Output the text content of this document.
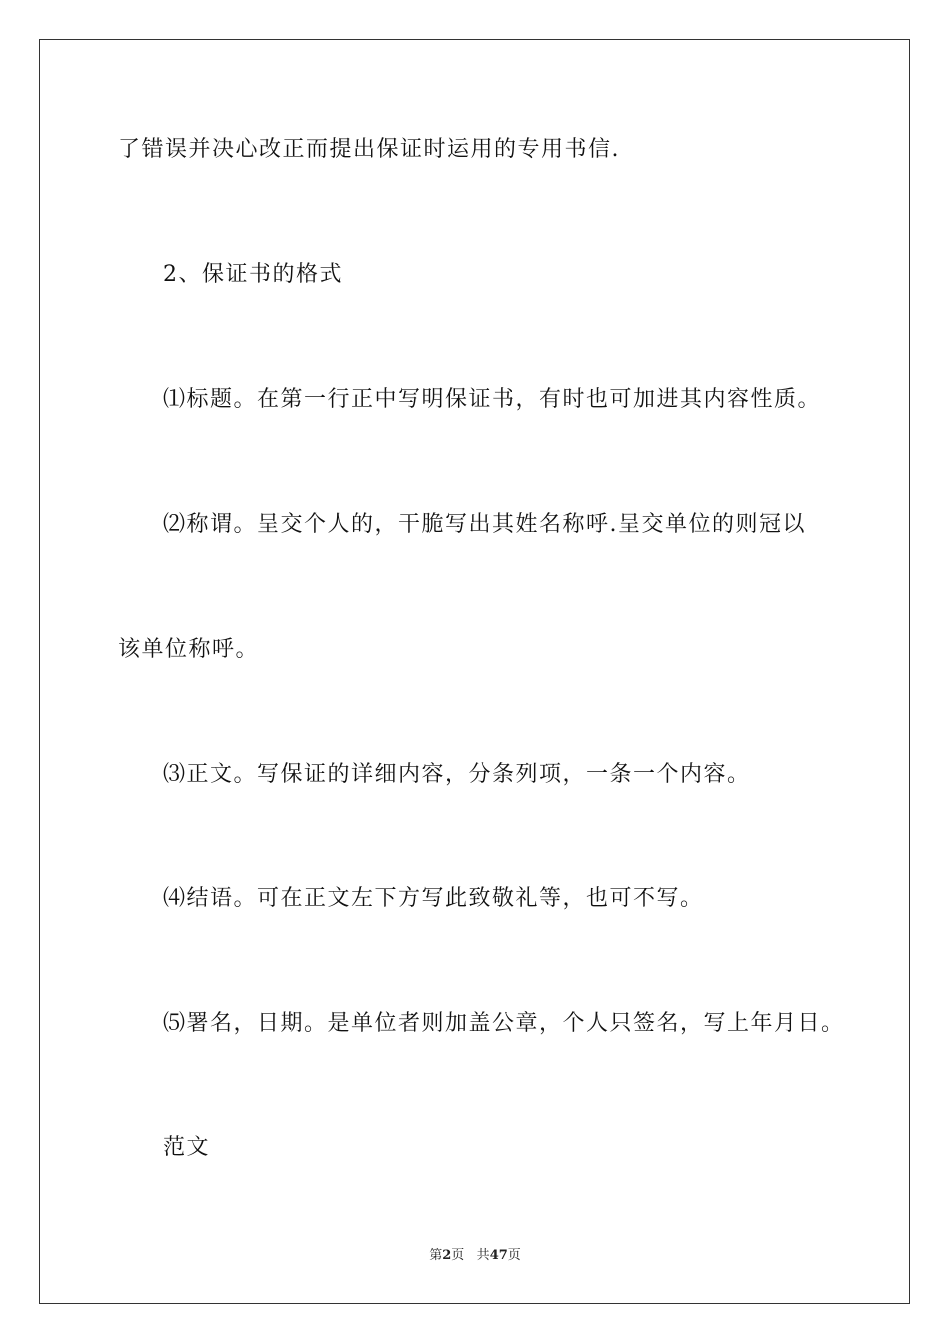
了错误并决心改正而提出保证时运用的专用书信.

2、保证书的格式

⑴标题。在第一行正中写明保证书，有时也可加进其内容性质。

⑵称谓。呈交个人的，干脆写出其姓名称呼.呈交单位的则冠以

该单位称呼。

⑶正文。写保证的详细内容，分条列项，一条一个内容。

⑷结语。可在正文左下方写此致敬礼等，也可不写。

⑸署名，日期。是单位者则加盖公章，个人只签名，写上年月日。

范文

第2页 共47页
